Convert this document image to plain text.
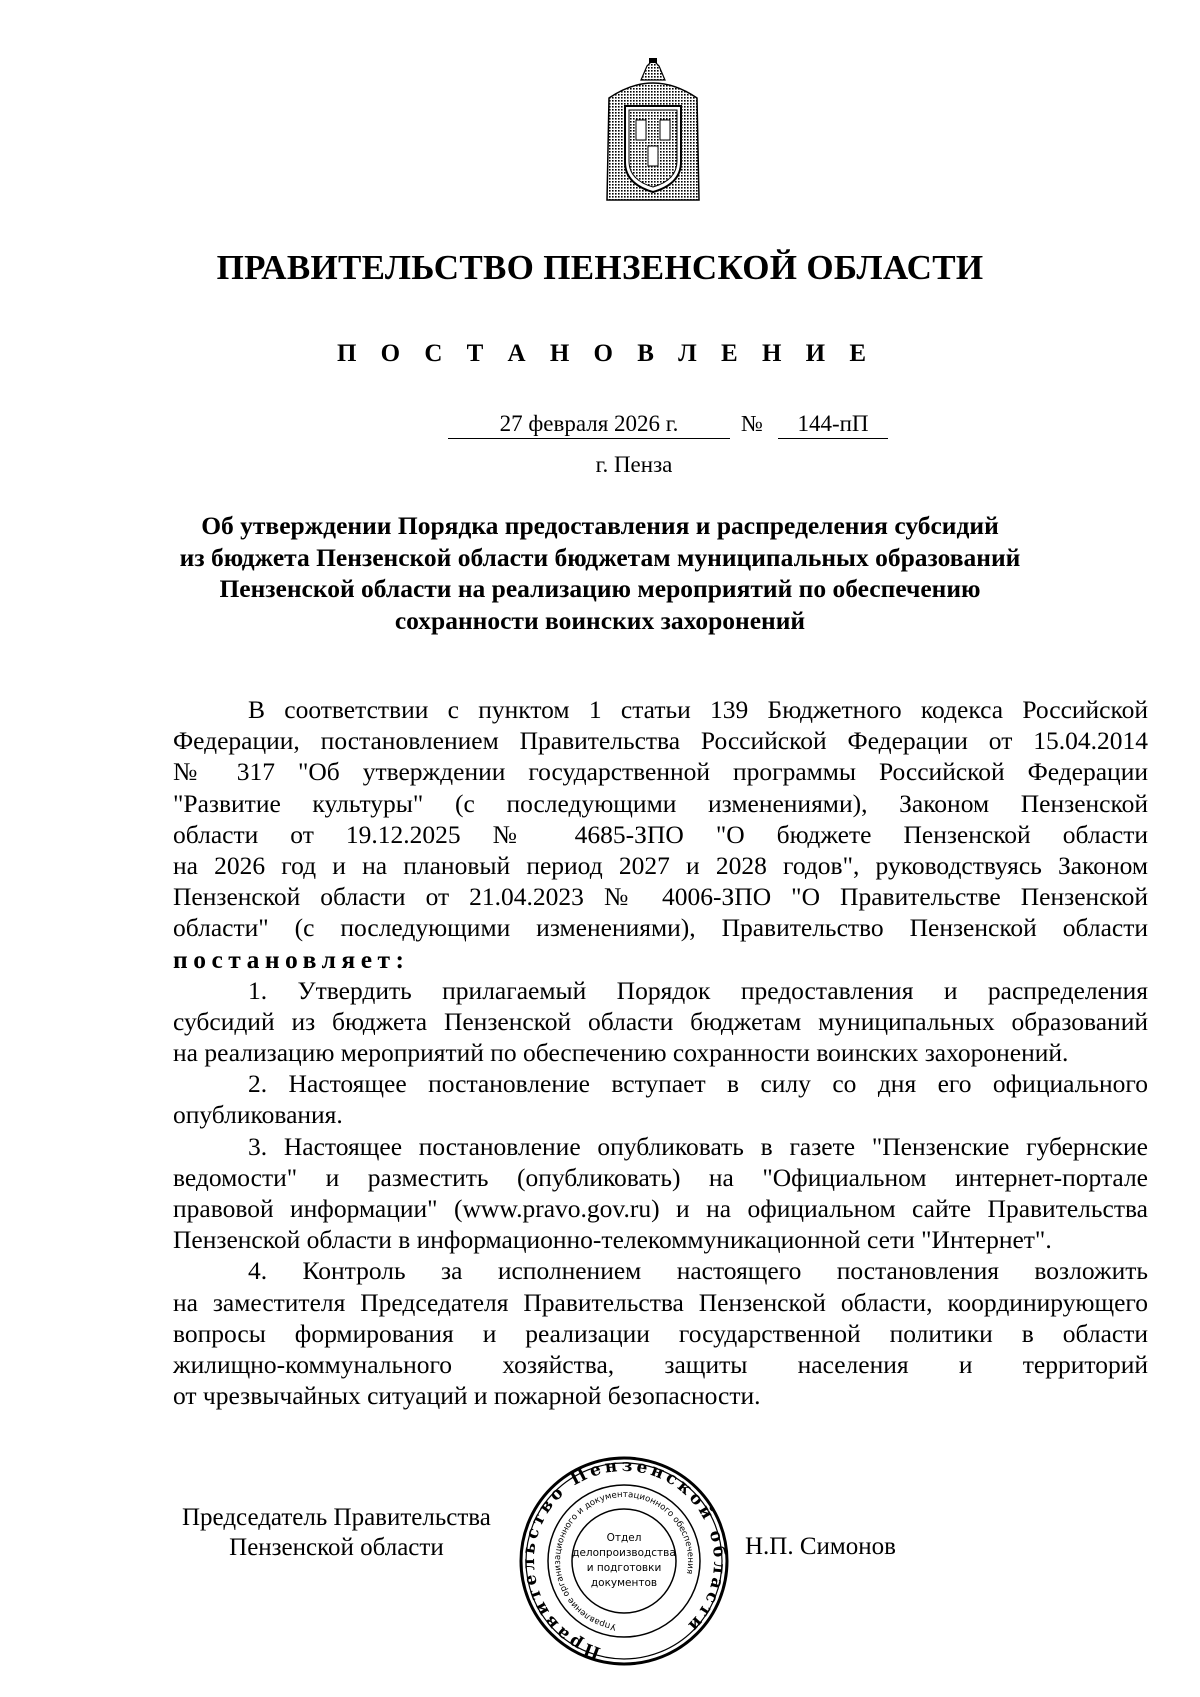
ПРАВИТЕЛЬСТВО ПЕНЗЕНСКОЙ ОБЛАСТИ
П О С Т А Н О В Л Е Н И Е
27 февраля 2026 г.	№	144-пП
г. Пенза
Об утверждении Порядка предоставления и распределения субсидий
из бюджета Пензенской области бюджетам муниципальных образований
Пензенской области на реализацию мероприятий по обеспечению
сохранности воинских захоронений
В соответствии с пунктом 1 статьи 139 Бюджетного кодекса Российской
Федерации, постановлением Правительства Российской Федерации от 15.04.2014
№ 317 "Об утверждении государственной программы Российской Федерации
"Развитие культуры" (с последующими изменениями), Законом Пензенской
области от 19.12.2025 № 4685-ЗПО "О бюджете Пензенской области
на 2026 год и на плановый период 2027 и 2028 годов", руководствуясь Законом
Пензенской области от 21.04.2023 № 4006-ЗПО "О Правительстве Пензенской
области" (с последующими изменениями), Правительство Пензенской области
постановляет:
1. Утвердить прилагаемый Порядок предоставления и распределения
субсидий из бюджета Пензенской области бюджетам муниципальных образований
на реализацию мероприятий по обеспечению сохранности воинских захоронений.
2. Настоящее постановление вступает в силу со дня его официального
опубликования.
3. Настоящее постановление опубликовать в газете "Пензенские губернские
ведомости" и разместить (опубликовать) на "Официальном интернет-портале
правовой информации" (www.pravo.gov.ru) и на официальном сайте Правительства
Пензенской области в информационно-телекоммуникационной сети "Интернет".
4. Контроль за исполнением настоящего постановления возложить
на заместителя Председателя Правительства Пензенской области, координирующего
вопросы формирования и реализации государственной политики в области
жилищно-коммунального хозяйства, защиты населения и территорий
от чрезвычайных ситуаций и пожарной безопасности.
Председатель Правительства
Пензенской области	Н.П. Симонов
Правительство Пензенской области
Управление организационного и документационного обеспечения
Отдел
делопроизводства
и подготовки
документов
